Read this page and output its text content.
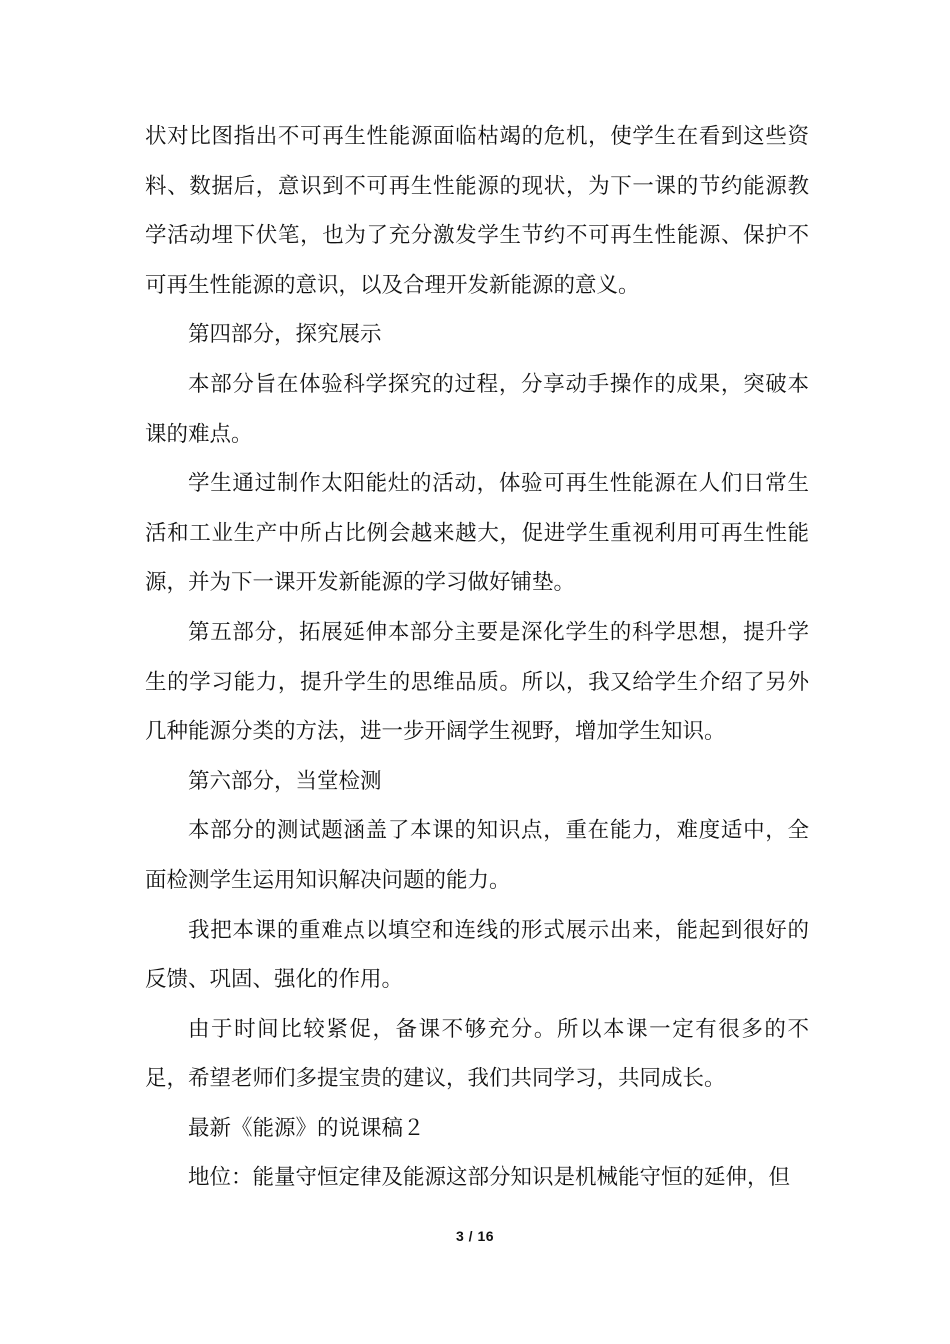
状对比图指出不可再生性能源面临枯竭的危机，使学生在看到这些资料、数据后，意识到不可再生性能源的现状，为下一课的节约能源教学活动埋下伏笔，也为了充分激发学生节约不可再生性能源、保护不可再生性能源的意识，以及合理开发新能源的意义。

第四部分，探究展示

本部分旨在体验科学探究的过程，分享动手操作的成果，突破本课的难点。

学生通过制作太阳能灶的活动，体验可再生性能源在人们日常生活和工业生产中所占比例会越来越大，促进学生重视利用可再生性能源，并为下一课开发新能源的学习做好铺垫。

第五部分，拓展延伸本部分主要是深化学生的科学思想，提升学生的学习能力，提升学生的思维品质。所以，我又给学生介绍了另外几种能源分类的方法，进一步开阔学生视野，增加学生知识。

第六部分，当堂检测

本部分的测试题涵盖了本课的知识点，重在能力，难度适中，全面检测学生运用知识解决问题的能力。

我把本课的重难点以填空和连线的形式展示出来，能起到很好的反馈、巩固、强化的作用。

由于时间比较紧促，备课不够充分。所以本课一定有很多的不足，希望老师们多提宝贵的建议，我们共同学习，共同成长。

最新《能源》的说课稿２

地位：能量守恒定律及能源这部分知识是机械能守恒的延伸，但

3 / 16
